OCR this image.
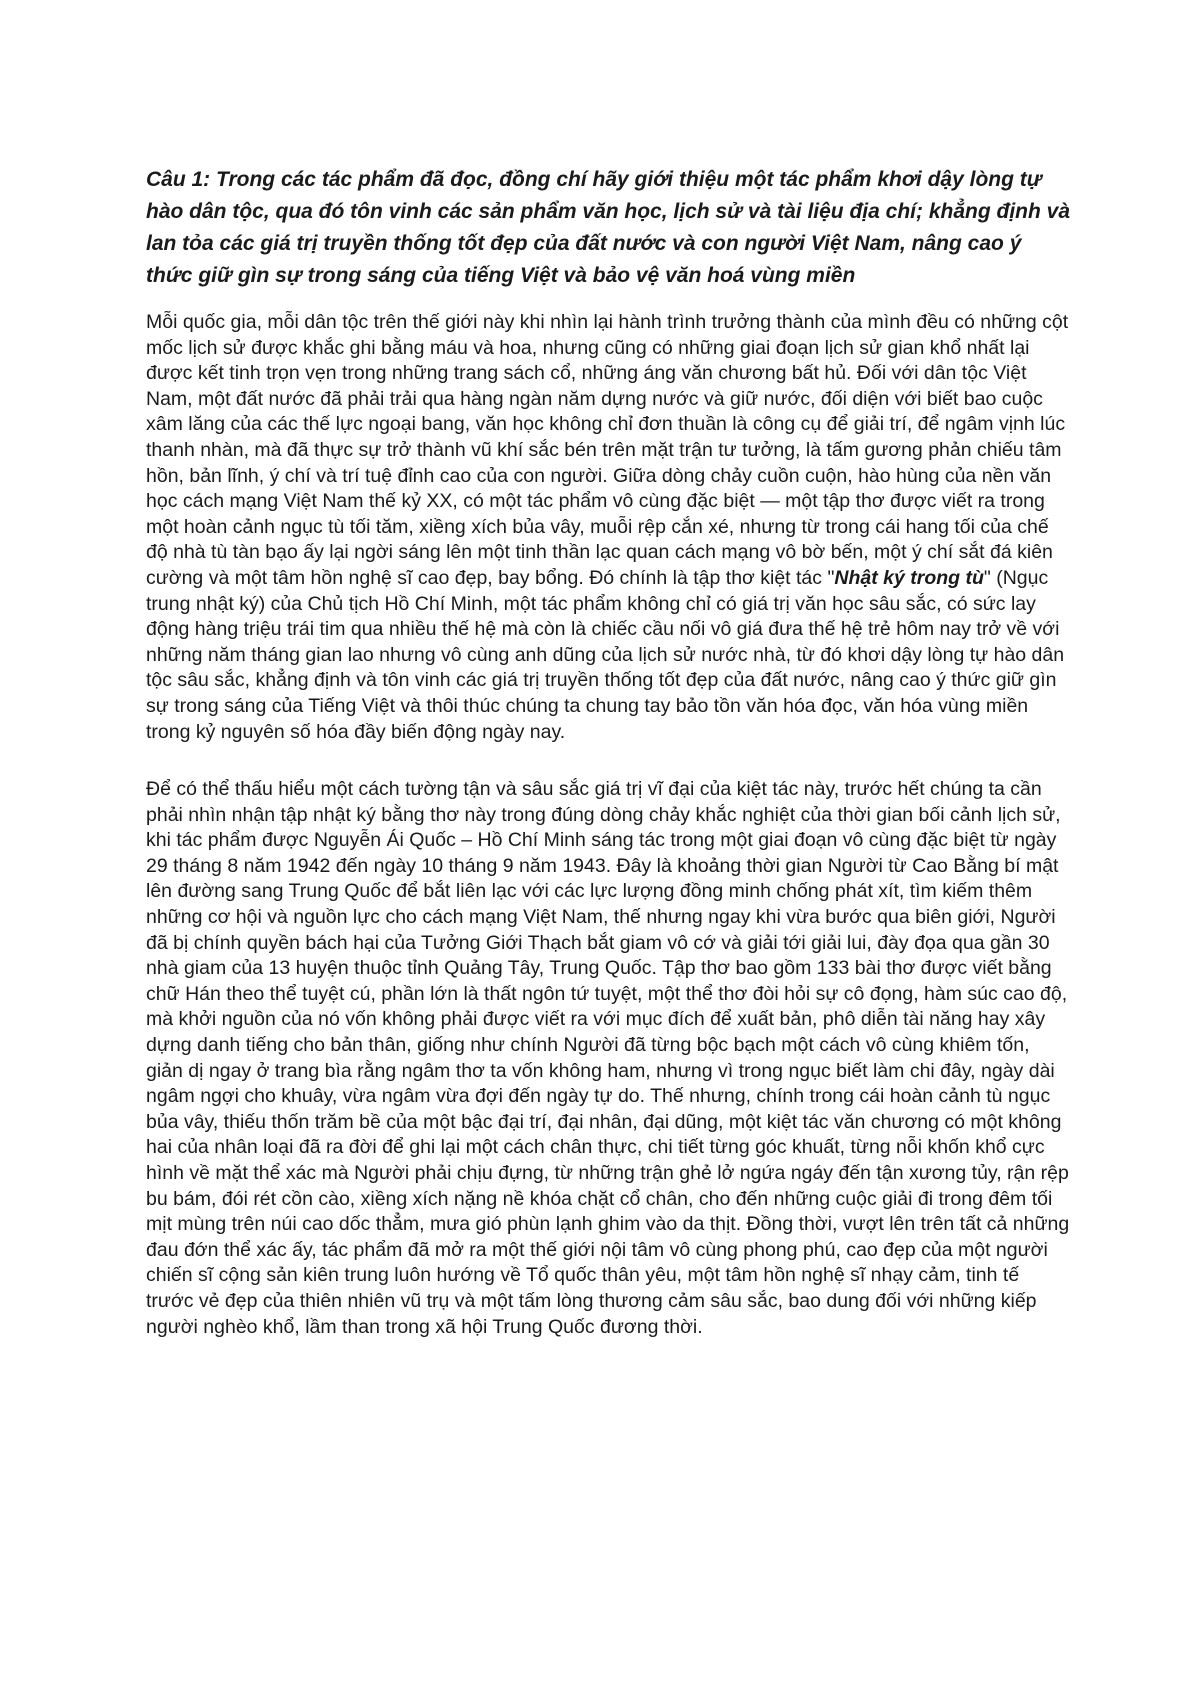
Câu 1: Trong các tác phẩm đã đọc, đồng chí hãy giới thiệu một tác phẩm khơi dậy lòng tự hào dân tộc, qua đó tôn vinh các sản phẩm văn học, lịch sử và tài liệu địa chí; khẳng định và lan tỏa các giá trị truyền thống tốt đẹp của đất nước và con người Việt Nam, nâng cao ý thức giữ gìn sự trong sáng của tiếng Việt và bảo vệ văn hoá vùng miền

Mỗi quốc gia, mỗi dân tộc trên thế giới này khi nhìn lại hành trình trưởng thành của mình đều có những cột mốc lịch sử được khắc ghi bằng máu và hoa, nhưng cũng có những giai đoạn lịch sử gian khổ nhất lại được kết tinh trọn vẹn trong những trang sách cổ, những áng văn chương bất hủ. Đối với dân tộc Việt Nam, một đất nước đã phải trải qua hàng ngàn năm dựng nước và giữ nước, đối diện với biết bao cuộc xâm lăng của các thế lực ngoại bang, văn học không chỉ đơn thuần là công cụ để giải trí, để ngâm vịnh lúc thanh nhàn, mà đã thực sự trở thành vũ khí sắc bén trên mặt trận tư tưởng, là tấm gương phản chiếu tâm hồn, bản lĩnh, ý chí và trí tuệ đỉnh cao của con người. Giữa dòng chảy cuồn cuộn, hào hùng của nền văn học cách mạng Việt Nam thế kỷ XX, có một tác phẩm vô cùng đặc biệt — một tập thơ được viết ra trong một hoàn cảnh ngục tù tối tăm, xiềng xích bủa vây, muỗi rệp cắn xé, nhưng từ trong cái hang tối của chế độ nhà tù tàn bạo ấy lại ngời sáng lên một tinh thần lạc quan cách mạng vô bờ bến, một ý chí sắt đá kiên cường và một tâm hồn nghệ sĩ cao đẹp, bay bổng. Đó chính là tập thơ kiệt tác "Nhật ký trong tù" (Ngục trung nhật ký) của Chủ tịch Hồ Chí Minh, một tác phẩm không chỉ có giá trị văn học sâu sắc, có sức lay động hàng triệu trái tim qua nhiều thế hệ mà còn là chiếc cầu nối vô giá đưa thế hệ trẻ hôm nay trở về với những năm tháng gian lao nhưng vô cùng anh dũng của lịch sử nước nhà, từ đó khơi dậy lòng tự hào dân tộc sâu sắc, khẳng định và tôn vinh các giá trị truyền thống tốt đẹp của đất nước, nâng cao ý thức giữ gìn sự trong sáng của Tiếng Việt và thôi thúc chúng ta chung tay bảo tồn văn hóa đọc, văn hóa vùng miền trong kỷ nguyên số hóa đầy biến động ngày nay.

Để có thể thấu hiểu một cách tường tận và sâu sắc giá trị vĩ đại của kiệt tác này, trước hết chúng ta cần phải nhìn nhận tập nhật ký bằng thơ này trong đúng dòng chảy khắc nghiệt của thời gian bối cảnh lịch sử, khi tác phẩm được Nguyễn Ái Quốc – Hồ Chí Minh sáng tác trong một giai đoạn vô cùng đặc biệt từ ngày 29 tháng 8 năm 1942 đến ngày 10 tháng 9 năm 1943. Đây là khoảng thời gian Người từ Cao Bằng bí mật lên đường sang Trung Quốc để bắt liên lạc với các lực lượng đồng minh chống phát xít, tìm kiếm thêm những cơ hội và nguồn lực cho cách mạng Việt Nam, thế nhưng ngay khi vừa bước qua biên giới, Người đã bị chính quyền bách hại của Tưởng Giới Thạch bắt giam vô cớ và giải tới giải lui, đày đọa qua gần 30 nhà giam của 13 huyện thuộc tỉnh Quảng Tây, Trung Quốc. Tập thơ bao gồm 133 bài thơ được viết bằng chữ Hán theo thể tuyệt cú, phần lớn là thất ngôn tứ tuyệt, một thể thơ đòi hỏi sự cô đọng, hàm súc cao độ, mà khởi nguồn của nó vốn không phải được viết ra với mục đích để xuất bản, phô diễn tài năng hay xây dựng danh tiếng cho bản thân, giống như chính Người đã từng bộc bạch một cách vô cùng khiêm tốn, giản dị ngay ở trang bìa rằng ngâm thơ ta vốn không ham, nhưng vì trong ngục biết làm chi đây, ngày dài ngâm ngợi cho khuây, vừa ngâm vừa đợi đến ngày tự do. Thế nhưng, chính trong cái hoàn cảnh tù ngục bủa vây, thiếu thốn trăm bề của một bậc đại trí, đại nhân, đại dũng, một kiệt tác văn chương có một không hai của nhân loại đã ra đời để ghi lại một cách chân thực, chi tiết từng góc khuất, từng nỗi khốn khổ cực hình về mặt thể xác mà Người phải chịu đựng, từ những trận ghẻ lở ngứa ngáy đến tận xương tủy, rận rệp bu bám, đói rét cồn cào, xiềng xích nặng nề khóa chặt cổ chân, cho đến những cuộc giải đi trong đêm tối mịt mùng trên núi cao dốc thẳm, mưa gió phùn lạnh ghim vào da thịt. Đồng thời, vượt lên trên tất cả những đau đớn thể xác ấy, tác phẩm đã mở ra một thế giới nội tâm vô cùng phong phú, cao đẹp của một người chiến sĩ cộng sản kiên trung luôn hướng về Tổ quốc thân yêu, một tâm hồn nghệ sĩ nhạy cảm, tinh tế trước vẻ đẹp của thiên nhiên vũ trụ và một tấm lòng thương cảm sâu sắc, bao dung đối với những kiếp người nghèo khổ, lầm than trong xã hội Trung Quốc đương thời.
